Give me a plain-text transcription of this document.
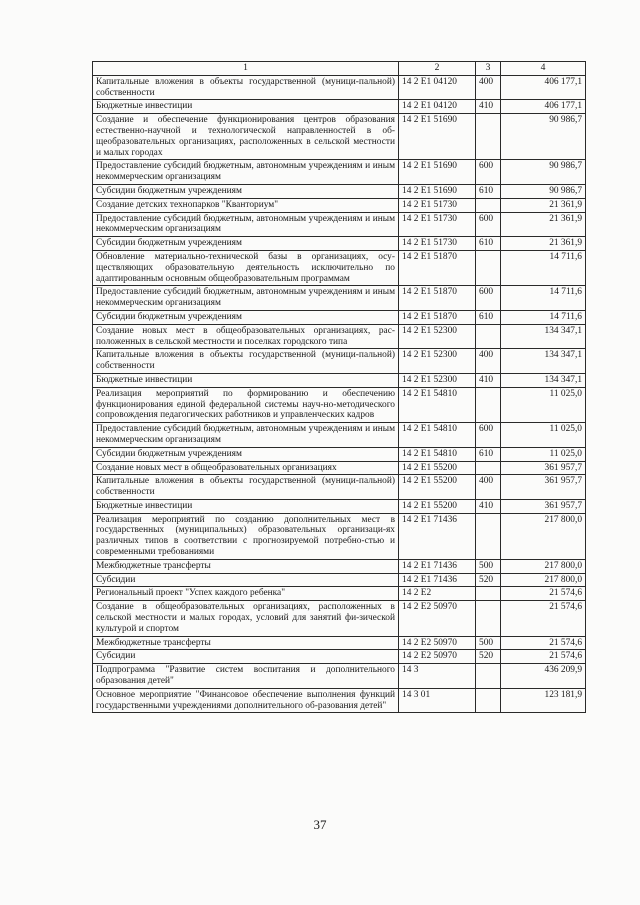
1	2	3	4
Капитальные вложения в объекты государственной (муници-пальной) собственности	14 2 E1 04120	400	406 177,1
Бюджетные инвестиции	14 2 E1 04120	410	406 177,1
Создание и обеспечение функционирования центров образования естественно-научной и технологической направленностей в об-щеобразовательных организациях, расположенных в сельской местности и малых городах	14 2 E1 51690		90 986,7
Предоставление субсидий бюджетным, автономным учреждениям и иным некоммерческим организациям	14 2 E1 51690	600	90 986,7
Субсидии бюджетным учреждениям	14 2 E1 51690	610	90 986,7
Создание детских технопарков "Кванториум"	14 2 E1 51730		21 361,9
Предоставление субсидий бюджетным, автономным учреждениям и иным некоммерческим организациям	14 2 E1 51730	600	21 361,9
Субсидии бюджетным учреждениям	14 2 E1 51730	610	21 361,9
Обновление материально-технической базы в организациях, осу-ществляющих образовательную деятельность исключительно по адаптированным основным общеобразовательным программам	14 2 E1 51870		14 711,6
Предоставление субсидий бюджетным, автономным учреждениям и иным некоммерческим организациям	14 2 E1 51870	600	14 711,6
Субсидии бюджетным учреждениям	14 2 E1 51870	610	14 711,6
Создание новых мест в общеобразовательных организациях, рас-положенных в сельской местности и поселках городского типа	14 2 E1 52300		134 347,1
Капитальные вложения в объекты государственной (муници-пальной) собственности	14 2 E1 52300	400	134 347,1
Бюджетные инвестиции	14 2 E1 52300	410	134 347,1
Реализация мероприятий по формированию и обеспечению функционирования единой федеральной системы науч-но-методического сопровождения педагогических работников и управленческих кадров	14 2 E1 54810		11 025,0
Предоставление субсидий бюджетным, автономным учреждениям и иным некоммерческим организациям	14 2 E1 54810	600	11 025,0
Субсидии бюджетным учреждениям	14 2 E1 54810	610	11 025,0
Создание новых мест в общеобразовательных организациях	14 2 E1 55200		361 957,7
Капитальные вложения в объекты государственной (муници-пальной) собственности	14 2 E1 55200	400	361 957,7
Бюджетные инвестиции	14 2 E1 55200	410	361 957,7
Реализация мероприятий по созданию дополнительных мест в государственных (муниципальных) образовательных организаци-ях различных типов в соответствии с прогнозируемой потребно-стью и современными требованиями	14 2 E1 71436		217 800,0
Межбюджетные трансферты	14 2 E1 71436	500	217 800,0
Субсидии	14 2 E1 71436	520	217 800,0
Региональный проект "Успех каждого ребенка"	14 2 E2		21 574,6
Создание в общеобразовательных организациях, расположенных в сельской местности и малых городах, условий для занятий фи-зической культурой и спортом	14 2 E2 50970		21 574,6
Межбюджетные трансферты	14 2 E2 50970	500	21 574,6
Субсидии	14 2 E2 50970	520	21 574,6
Подпрограмма "Развитие систем воспитания и дополнительного образования детей"	14 3		436 209,9
Основное мероприятие "Финансовое обеспечение выполнения функций государственными учреждениями дополнительного об-разования детей"	14 3 01		123 181,9
37
